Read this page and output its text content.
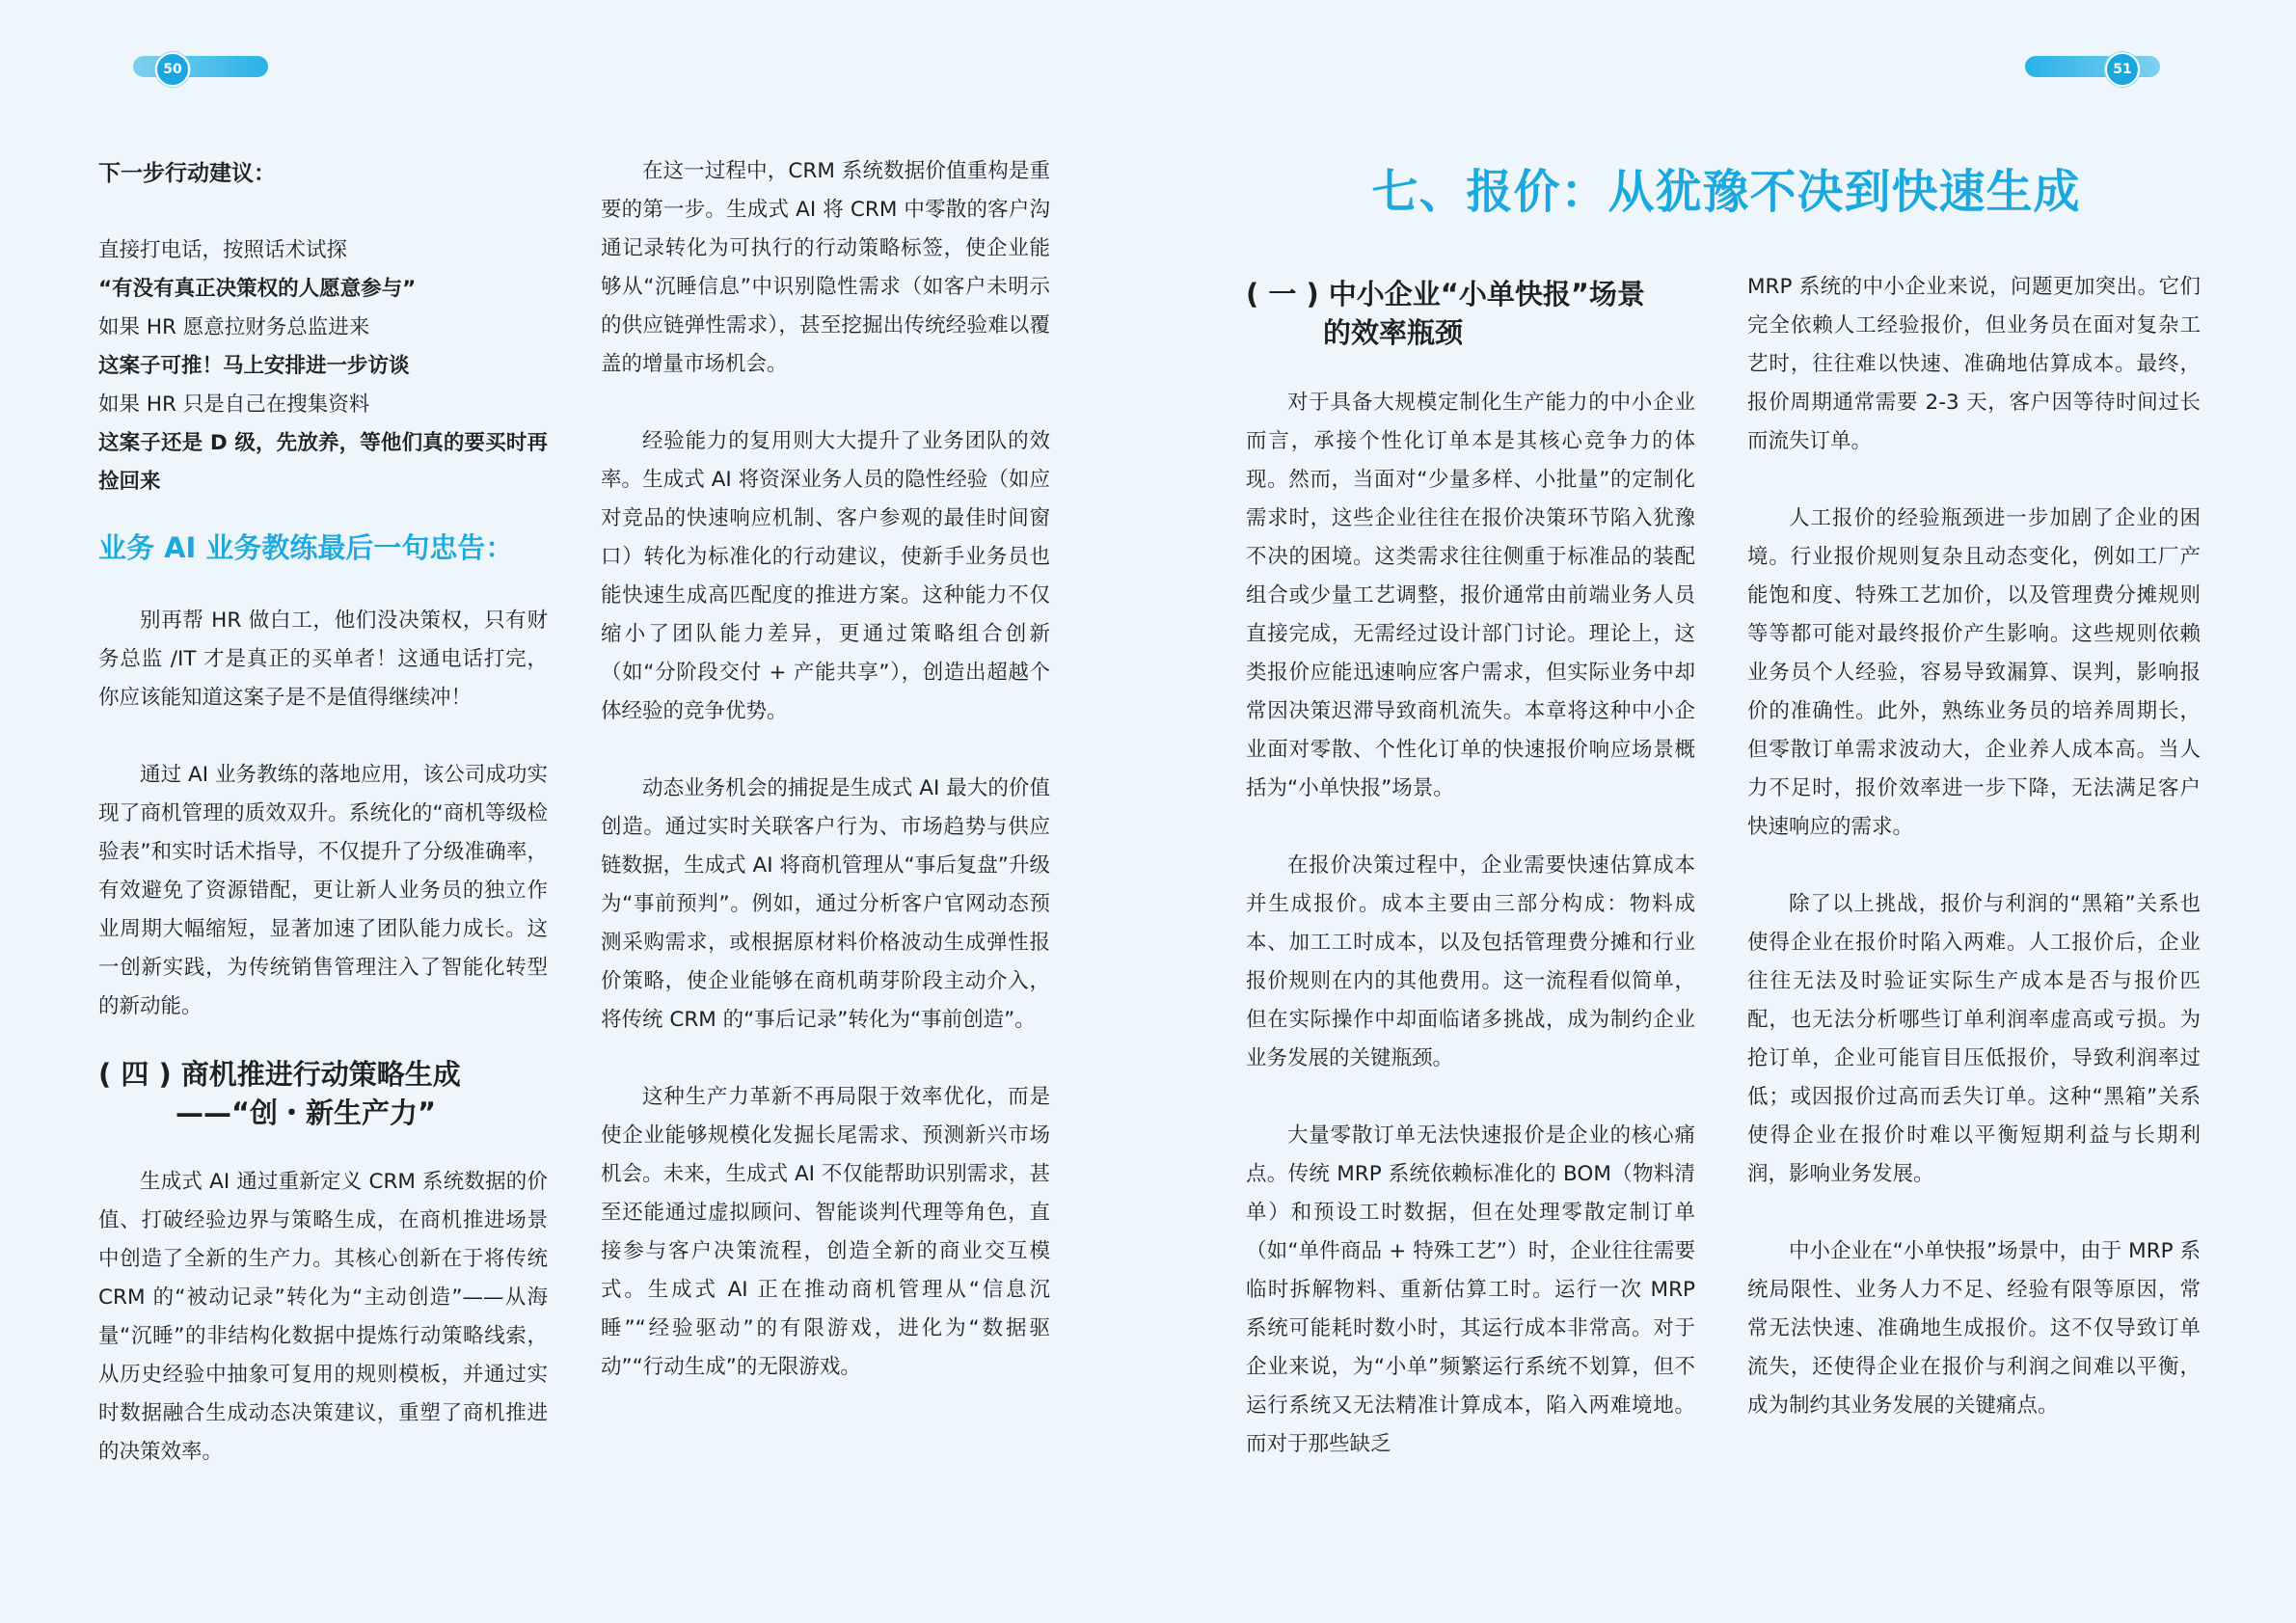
50	51
下一步行动建议：

直接打电话，按照话术试探

“有没有真正决策权的人愿意参与”

如果 HR 愿意拉财务总监进来

这案子可推！马上安排进一步访谈

如果 HR 只是自己在搜集资料

这案子还是 D 级，先放养，等他们真的要买时再捡回来

业务 AI 业务教练最后一句忠告：

别再帮 HR 做白工，他们没决策权，只有财务总监 /IT 才是真正的买单者！这通电话打完，你应该能知道这案子是不是值得继续冲！

通过 AI 业务教练的落地应用，该公司成功实现了商机管理的质效双升。系统化的“商机等级检验表”和实时话术指导，不仅提升了分级准确率，有效避免了资源错配，更让新人业务员的独立作业周期大幅缩短，显著加速了团队能力成长。这一创新实践，为传统销售管理注入了智能化转型的新动能。

( 四 ) 商机推进行动策略生成
——“创・新生产力”

生成式 AI 通过重新定义 CRM 系统数据的价值、打破经验边界与策略生成，在商机推进场景中创造了全新的生产力。其核心创新在于将传统 CRM 的“被动记录”转化为“主动创造”——从海量“沉睡”的非结构化数据中提炼行动策略线索，从历史经验中抽象可复用的规则模板，并通过实时数据融合生成动态决策建议，重塑了商机推进的决策效率。

在这一过程中，CRM 系统数据价值重构是重要的第一步。生成式 AI 将 CRM 中零散的客户沟通记录转化为可执行的行动策略标签，使企业能够从“沉睡信息”中识别隐性需求（如客户未明示的供应链弹性需求），甚至挖掘出传统经验难以覆盖的增量市场机会。

经验能力的复用则大大提升了业务团队的效率。生成式 AI 将资深业务人员的隐性经验（如应对竞品的快速响应机制、客户参观的最佳时间窗口）转化为标准化的行动建议，使新手业务员也能快速生成高匹配度的推进方案。这种能力不仅缩小了团队能力差异，更通过策略组合创新（如“分阶段交付 + 产能共享”），创造出超越个体经验的竞争优势。

动态业务机会的捕捉是生成式 AI 最大的价值创造。通过实时关联客户行为、市场趋势与供应链数据，生成式 AI 将商机管理从“事后复盘”升级为“事前预判”。例如，通过分析客户官网动态预测采购需求，或根据原材料价格波动生成弹性报价策略，使企业能够在商机萌芽阶段主动介入，将传统 CRM 的“事后记录”转化为“事前创造”。

这种生产力革新不再局限于效率优化，而是使企业能够规模化发掘长尾需求、预测新兴市场机会。未来，生成式 AI 不仅能帮助识别需求，甚至还能通过虚拟顾问、智能谈判代理等角色，直接参与客户决策流程，创造全新的商业交互模式。生成式 AI 正在推动商机管理从“信息沉睡”“经验驱动”的有限游戏，进化为“数据驱动”“行动生成”的无限游戏。

七、报价：从犹豫不决到快速生成
( 一 ) 中小企业“小单快报”场景
的效率瓶颈

对于具备大规模定制化生产能力的中小企业而言，承接个性化订单本是其核心竞争力的体现。然而，当面对“少量多样、小批量”的定制化需求时，这些企业往往在报价决策环节陷入犹豫不决的困境。这类需求往往侧重于标准品的装配组合或少量工艺调整，报价通常由前端业务人员直接完成，无需经过设计部门讨论。理论上，这类报价应能迅速响应客户需求，但实际业务中却常因决策迟滞导致商机流失。本章将这种中小企业面对零散、个性化订单的快速报价响应场景概括为“小单快报”场景。

在报价决策过程中，企业需要快速估算成本并生成报价。成本主要由三部分构成：物料成本、加工工时成本，以及包括管理费分摊和行业报价规则在内的其他费用。这一流程看似简单，但在实际操作中却面临诸多挑战，成为制约企业业务发展的关键瓶颈。

大量零散订单无法快速报价是企业的核心痛点。传统 MRP 系统依赖标准化的 BOM（物料清单）和预设工时数据，但在处理零散定制订单（如“单件商品 + 特殊工艺”）时，企业往往需要临时拆解物料、重新估算工时。运行一次 MRP 系统可能耗时数小时，其运行成本非常高。对于企业来说，为“小单”频繁运行系统不划算，但不运行系统又无法精准计算成本，陷入两难境地。而对于那些缺乏

MRP 系统的中小企业来说，问题更加突出。它们完全依赖人工经验报价，但业务员在面对复杂工艺时，往往难以快速、准确地估算成本。最终，报价周期通常需要 2-3 天，客户因等待时间过长而流失订单。

人工报价的经验瓶颈进一步加剧了企业的困境。行业报价规则复杂且动态变化，例如工厂产能饱和度、特殊工艺加价，以及管理费分摊规则等等都可能对最终报价产生影响。这些规则依赖业务员个人经验，容易导致漏算、误判，影响报价的准确性。此外，熟练业务员的培养周期长，但零散订单需求波动大，企业养人成本高。当人力不足时，报价效率进一步下降，无法满足客户快速响应的需求。

除了以上挑战，报价与利润的“黑箱”关系也使得企业在报价时陷入两难。人工报价后，企业往往无法及时验证实际生产成本是否与报价匹配，也无法分析哪些订单利润率虚高或亏损。为抢订单，企业可能盲目压低报价，导致利润率过低；或因报价过高而丢失订单。这种“黑箱”关系使得企业在报价时难以平衡短期利益与长期利润，影响业务发展。

中小企业在“小单快报”场景中，由于 MRP 系统局限性、业务人力不足、经验有限等原因，常常无法快速、准确地生成报价。这不仅导致订单流失，还使得企业在报价与利润之间难以平衡，成为制约其业务发展的关键痛点。
